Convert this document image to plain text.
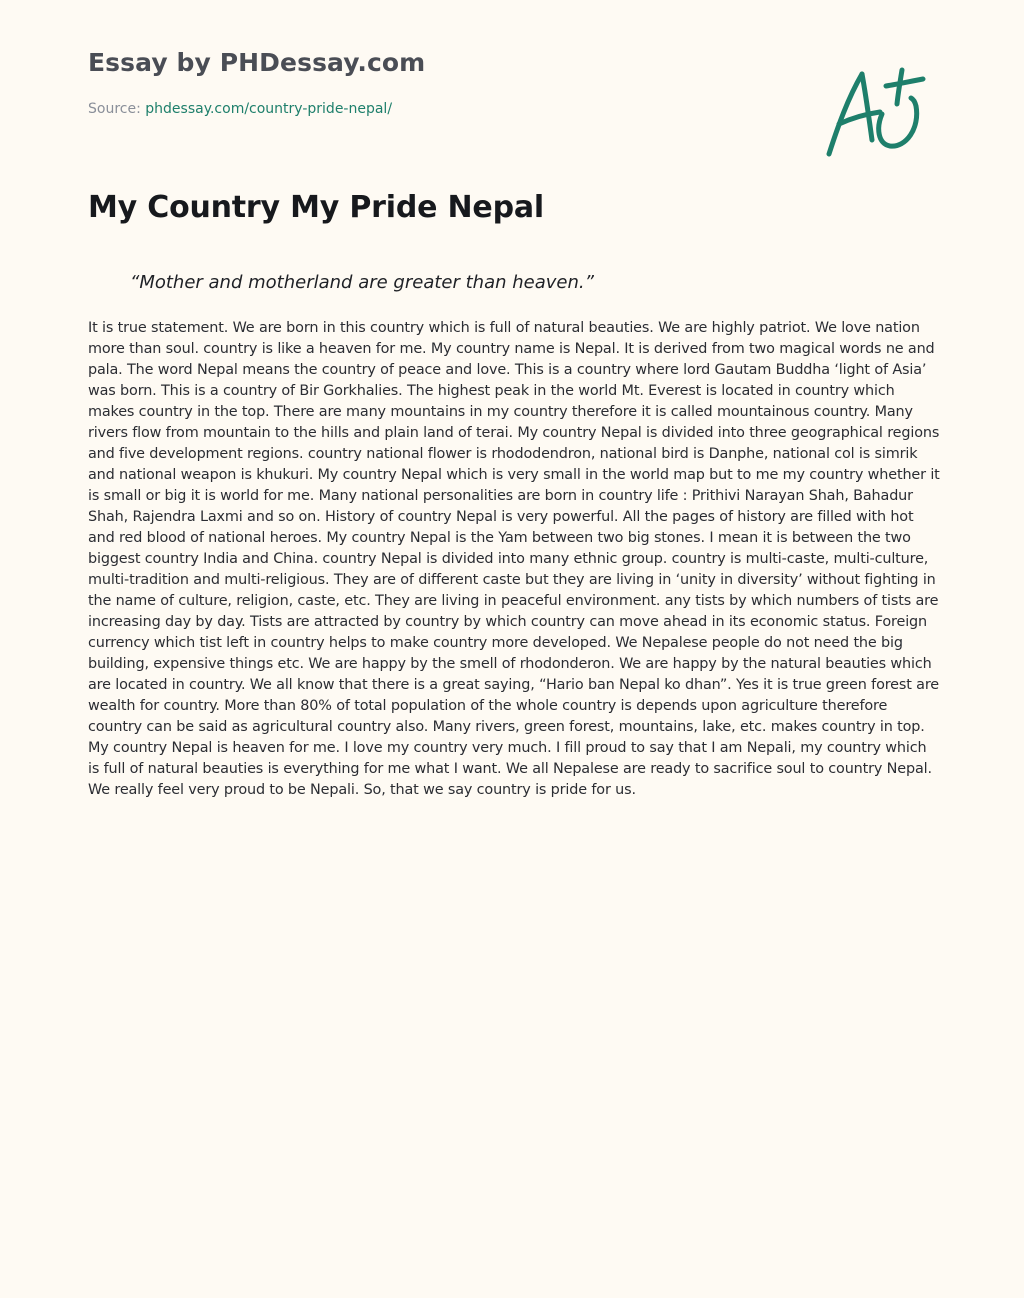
Essay by PHDessay.com
Source: phdessay.com/country-pride-nepal/
My Country My Pride Nepal

“Mother and motherland are greater than heaven.”

It is true statement. We are born in this country which is full of natural beauties. We are highly patriot. We love nation more than soul. country is like a heaven for me. My country name is Nepal. It is derived from two magical words ne and pala. The word Nepal means the country of peace and love. This is a country where lord Gautam Buddha ‘light of Asia’ was born. This is a country of Bir Gorkhalies. The highest peak in the world Mt. Everest is located in country which makes country in the top. There are many mountains in my country therefore it is called mountainous country. Many rivers flow from mountain to the hills and plain land of terai. My country Nepal is divided into three geographical regions and five development regions. country national flower is rhododendron, national bird is Danphe, national col is simrik and national weapon is khukuri. My country Nepal which is very small in the world map but to me my country whether it is small or big it is world for me. Many national personalities are born in country life : Prithivi Narayan Shah, Bahadur Shah, Rajendra Laxmi and so on. History of country Nepal is very powerful. All the pages of history are filled with hot and red blood of national heroes. My country Nepal is the Yam between two big stones. I mean it is between the two biggest country India and China. country Nepal is divided into many ethnic group. country is multi-caste, multi-culture, multi-tradition and multi-religious. They are of different caste but they are living in ‘unity in diversity’ without fighting in the name of culture, religion, caste, etc. They are living in peaceful environment. any tists by which numbers of tists are increasing day by day. Tists are attracted by country by which country can move ahead in its economic status. Foreign currency which tist left in country helps to make country more developed. We Nepalese people do not need the big building, expensive things etc. We are happy by the smell of rhodonderon. We are happy by the natural beauties which are located in country. We all know that there is a great saying, “Hario ban Nepal ko dhan”. Yes it is true green forest are wealth for country. More than 80% of total population of the whole country is depends upon agriculture therefore country can be said as agricultural country also. Many rivers, green forest, mountains, lake, etc. makes country in top. My country Nepal is heaven for me. I love my country very much. I fill proud to say that I am Nepali, my country which is full of natural beauties is everything for me what I want. We all Nepalese are ready to sacrifice soul to country Nepal. We really feel very proud to be Nepali. So, that we say country is pride for us.
